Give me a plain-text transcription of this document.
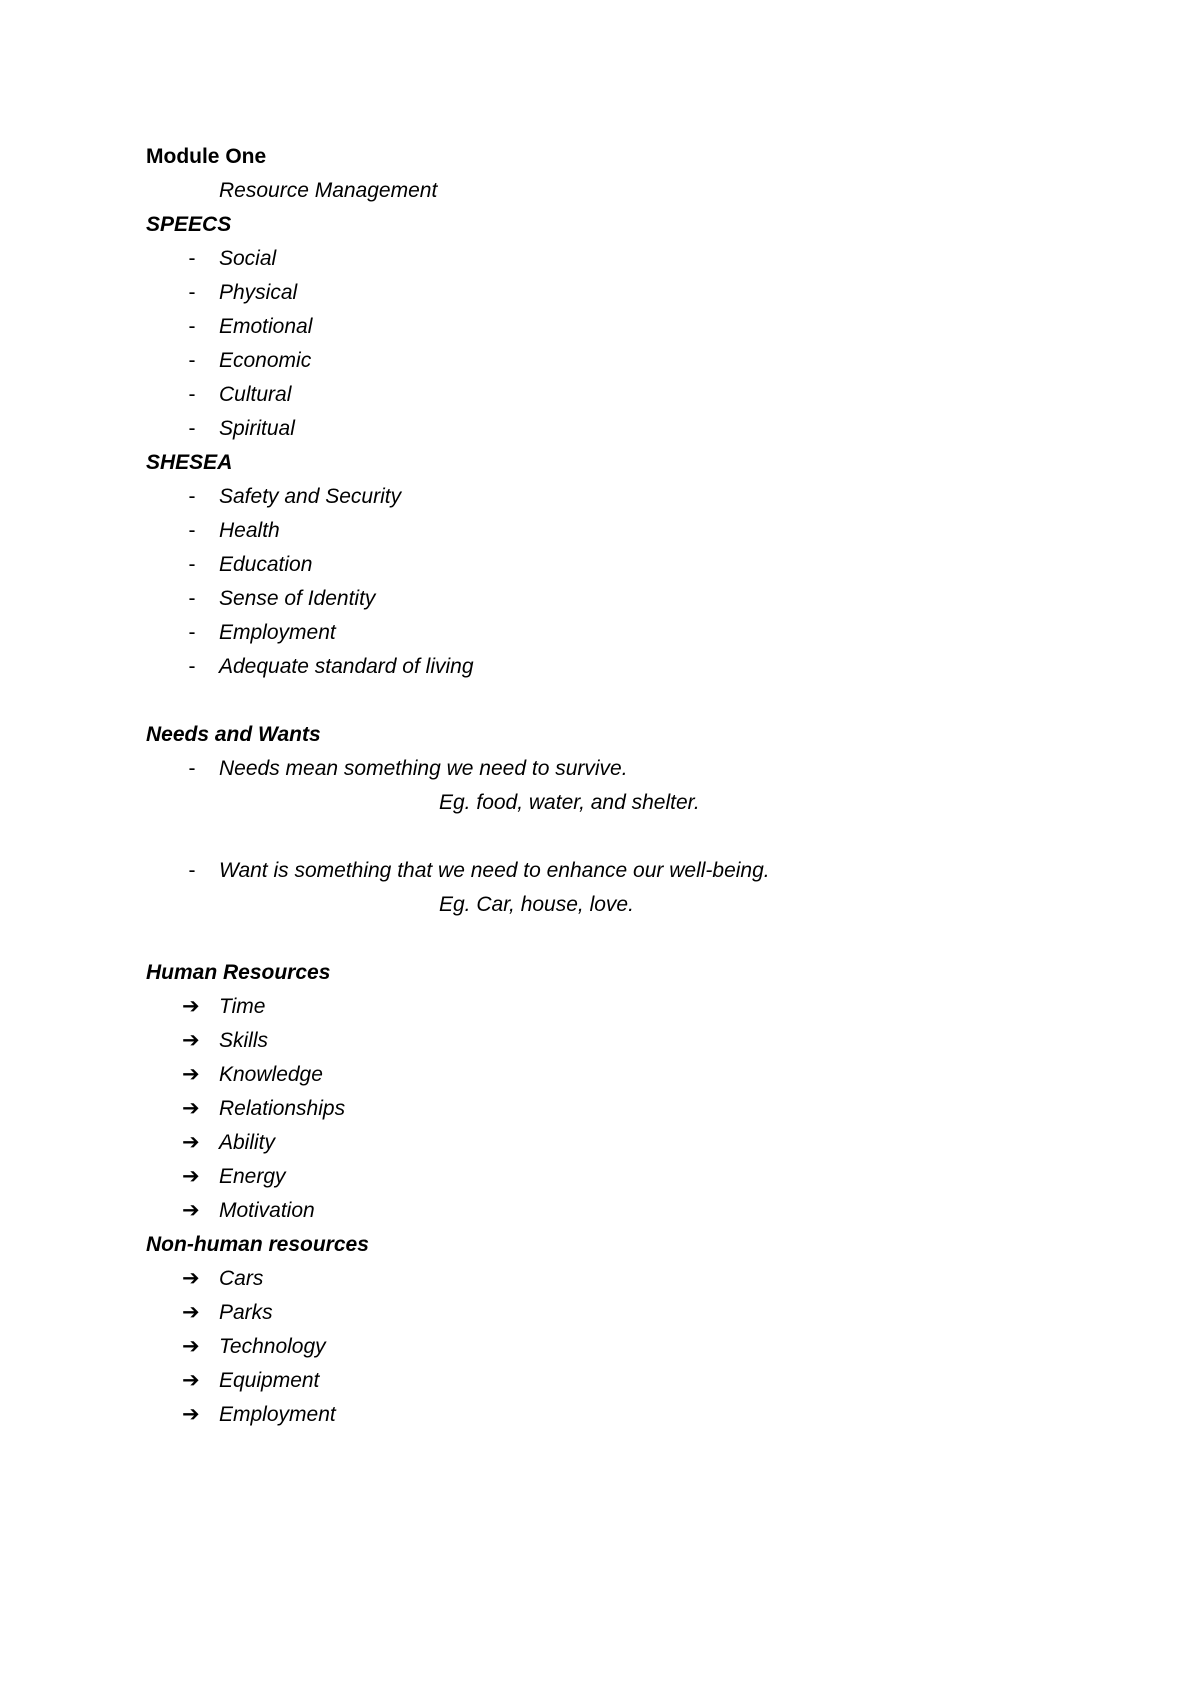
Module One
Resource Management
SPEECS
-	Social
-	Physical
-	Emotional
-	Economic
-	Cultural
-	Spiritual
SHESEA
-	Safety and Security
-	Health
-	Education
-	Sense of Identity
-	Employment
-	Adequate standard of living
Needs and Wants
-	Needs mean something we need to survive.
Eg. food, water, and shelter.
-	Want is something that we need to enhance our well-being.
Eg. Car, house, love.
Human Resources
➔ Time
➔ Skills
➔ Knowledge
➔ Relationships
➔ Ability
➔ Energy
➔ Motivation
Non-human resources
➔ Cars
➔ Parks
➔ Technology
➔ Equipment
➔ Employment
